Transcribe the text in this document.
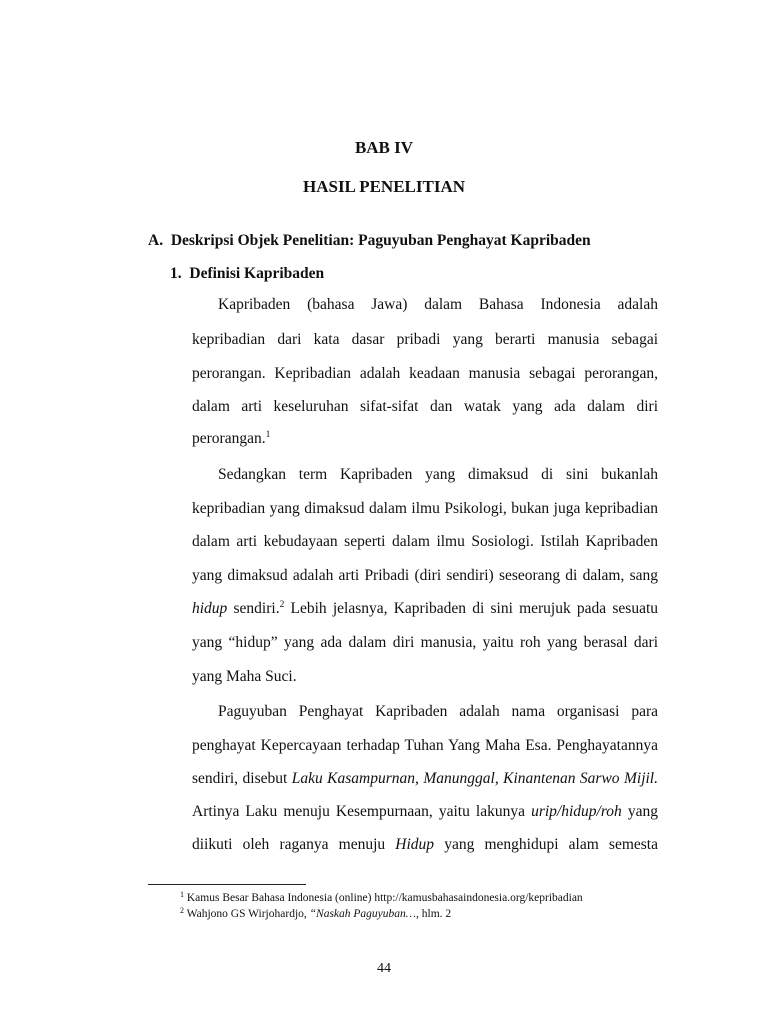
BAB IV
HASIL PENELITIAN
A.  Deskripsi Objek Penelitian: Paguyuban Penghayat Kapribaden
1.  Definisi Kapribaden
Kapribaden (bahasa Jawa) dalam Bahasa Indonesia adalah
kepribadian dari kata dasar pribadi yang berarti manusia sebagai
perorangan. Kepribadian adalah keadaan manusia sebagai perorangan,
dalam arti keseluruhan sifat-sifat dan watak yang ada dalam diri
perorangan.$^1$
Sedangkan term Kapribaden yang dimaksud di sini bukanlah
kepribadian yang dimaksud dalam ilmu Psikologi, bukan juga kepribadian
dalam arti kebudayaan seperti dalam ilmu Sosiologi. Istilah Kapribaden
yang dimaksud adalah arti Pribadi (diri sendiri) seseorang di dalam, sang
hidup sendiri.$^2$ Lebih jelasnya, Kapribaden di sini merujuk pada sesuatu
yang “hidup” yang ada dalam diri manusia, yaitu roh yang berasal dari
yang Maha Suci.
Paguyuban Penghayat Kapribaden adalah nama organisasi para
penghayat Kepercayaan terhadap Tuhan Yang Maha Esa. Penghayatannya
sendiri, disebut Laku Kasampurnan, Manunggal, Kinantenan Sarwo Mijil.
Artinya Laku menuju Kesempurnaan, yaitu lakunya urip/hidup/roh yang
diikuti oleh raganya menuju Hidup yang menghidupi alam semesta
$^1$ Kamus Besar Bahasa Indonesia (online) http://kamusbahasaindonesia.org/kepribadian
$^2$ Wahjono GS Wirjohardjo, “Naskah Paguyuban…, hlm. 2
44
